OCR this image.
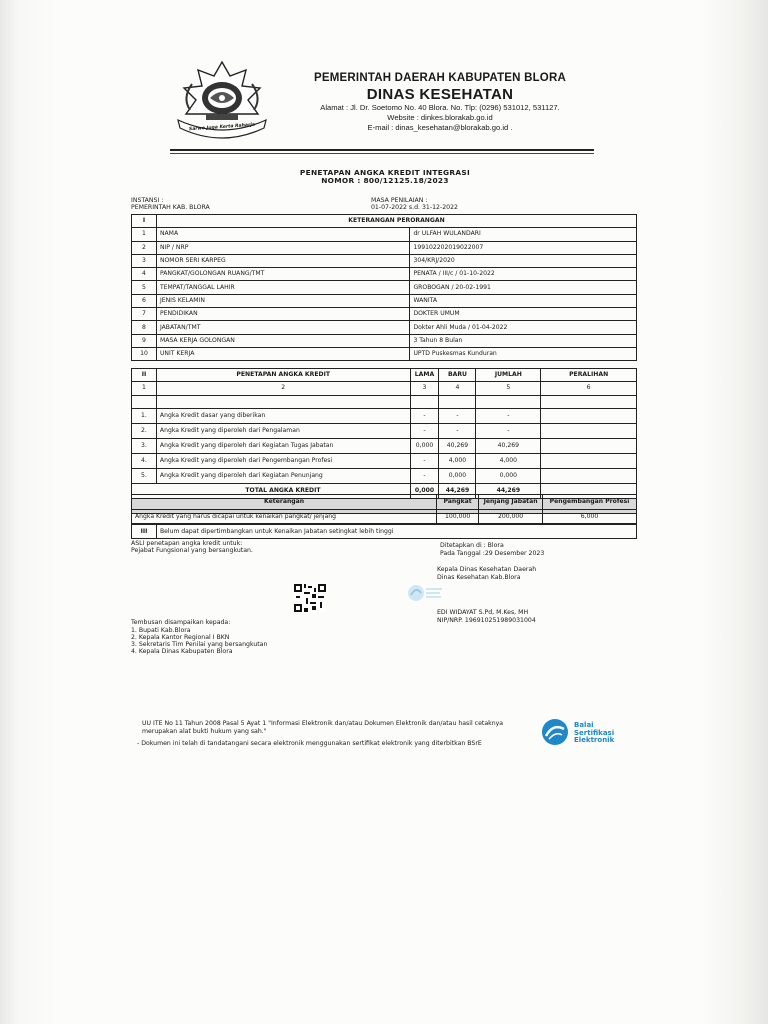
Sarwo Juga Kerta Raharja
PEMERINTAH DAERAH KABUPATEN BLORA
DINAS KESEHATAN
Alamat : Jl. Dr. Soetomo No. 40 Blora. No. Tlp: (0296) 531012, 531127.
Website : dinkes.blorakab.go.id
E-mail : dinas_kesehatan@blorakab.go.id .
PENETAPAN ANGKA KREDIT INTEGRASI
NOMOR : 800/12125.18/2023
INSTANSI :
PEMERINTAH KAB. BLORA
MASA PENILAIAN :
01-07-2022 s.d. 31-12-2022
I	KETERANGAN PERORANGAN	
1	NAMA	dr ULFAH WULANDARI
2	NIP / NRP	199102202019022007
3	NOMOR SERI KARPEG	304/KRJ/2020
4	PANGKAT/GOLONGAN RUANG/TMT	PENATA / III/c / 01-10-2022
5	TEMPAT/TANGGAL LAHIR	GROBOGAN / 20-02-1991
6	JENIS KELAMIN	WANITA
7	PENDIDIKAN	DOKTER UMUM
8	JABATAN/TMT	Dokter Ahli Muda / 01-04-2022
9	MASA KERJA GOLONGAN	3 Tahun 8 Bulan
10	UNIT KERJA	UPTD Puskesmas Kunduran
II	PENETAPAN ANGKA KREDIT	LAMA	BARU	JUMLAH	PERALIHAN
1	2	3	4	5	6

1.	Angka Kredit dasar yang diberikan	-	-	-	
2.	Angka Kredit yang diperoleh dari Pengalaman	-	-	-	
3.	Angka Kredit yang diperoleh dari Kegiatan Tugas Jabatan	0,000	40,269	40,269	
4.	Angka Kredit yang diperoleh dari Pengembangan Profesi	-	4,000	4,000	
5.	Angka Kredit yang diperoleh dari Kegiatan Penunjang	-	0,000	0,000	
	TOTAL ANGKA KREDIT	0,000	44,269	44,269	

Keterangan	Pangkat	Jenjang Jabatan	Pengembangan Profesi
Angka Kredit yang harus dicapai untuk kenaikan pangkat/ jenjang	100,000	200,000	6,000
III	Belum dapat dipertimbangkan untuk Kenaikan Jabatan setingkat lebih tinggi
ASLI penetapan angka kredit untuk:
Pejabat Fungsional yang bersangkutan.
Ditetapkan di : Blora
Pada Tanggal :29 Desember 2023
Kepala Dinas Kesehatan Daerah
Dinas Kesehatan Kab.Blora
EDI WIDAYAT S.Pd, M.Kes, MH
NIP/NRP. 196910251989031004
Tembusan disampaikan kepada:
1. Bupati Kab.Blora
2. Kepala Kantor Regional I BKN
3. Sekretaris Tim Penilai yang bersangkutan
4. Kepala Dinas Kabupaten Blora
UU ITE No 11 Tahun 2008 Pasal 5 Ayat 1 "Informasi Elektronik dan/atau Dokumen Elektronik dan/atau hasil cetaknya
merupakan alat bukti hukum yang sah."
- Dokumen ini telah di tandatangani secara elektronik menggunakan sertifikat elektronik yang diterbitkan BSrE
Balai
Sertifikasi
Elektronik
